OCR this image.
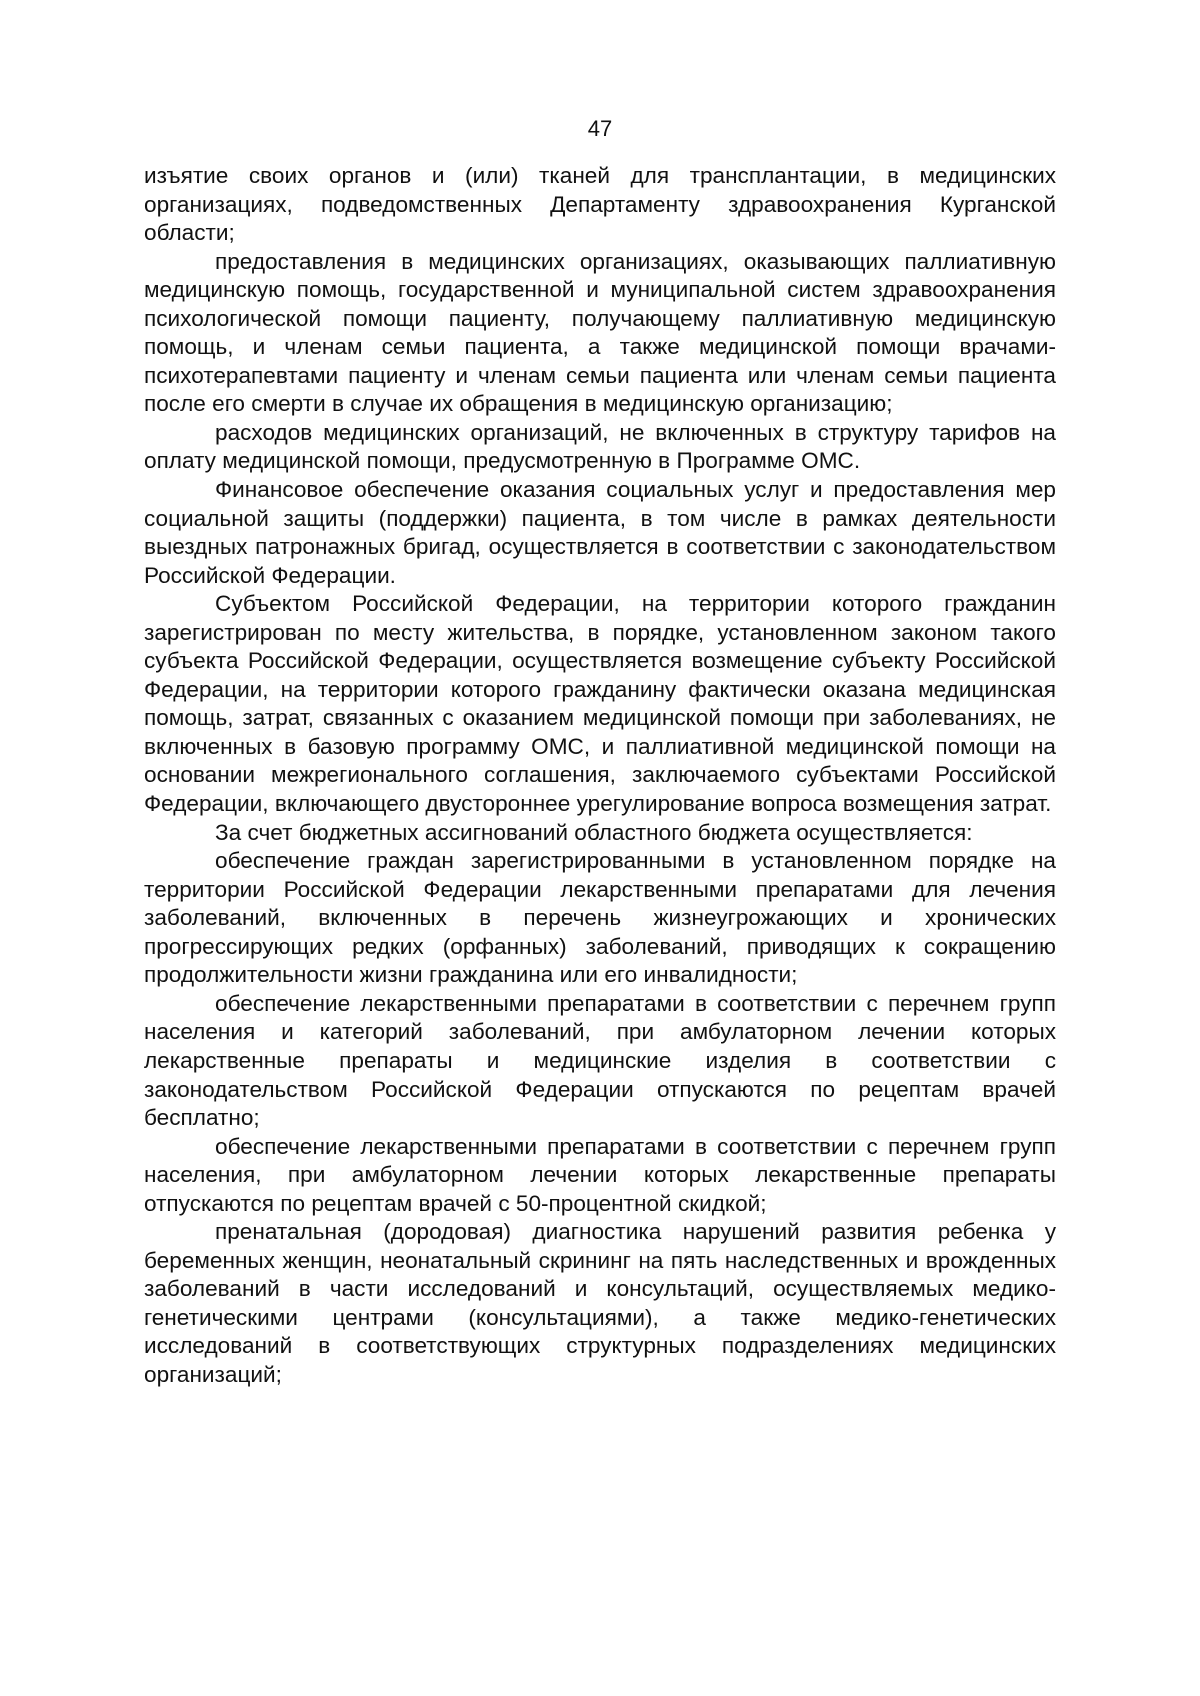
47

изъятие своих органов и (или) тканей для трансплантации, в медицинских организациях, подведомственных Департаменту здравоохранения Курганской области;

предоставления в медицинских организациях, оказывающих паллиативную медицинскую помощь, государственной и муниципальной систем здравоохранения психологической помощи пациенту, получающему паллиативную медицинскую помощь, и членам семьи пациента, а также медицинской помощи врачами-психотерапевтами пациенту и членам семьи пациента или членам семьи пациента после его смерти в случае их обращения в медицинскую организацию;

расходов медицинских организаций, не включенных в структуру тарифов на оплату медицинской помощи, предусмотренную в Программе ОМС.

Финансовое обеспечение оказания социальных услуг и предоставления мер социальной защиты (поддержки) пациента, в том числе в рамках деятельности выездных патронажных бригад, осуществляется в соответствии с законодательством Российской Федерации.

Субъектом Российской Федерации, на территории которого гражданин зарегистрирован по месту жительства, в порядке, установленном законом такого субъекта Российской Федерации, осуществляется возмещение субъекту Российской Федерации, на территории которого гражданину фактически оказана медицинская помощь, затрат, связанных с оказанием медицинской помощи при заболеваниях, не включенных в базовую программу ОМС, и паллиативной медицинской помощи на основании межрегионального соглашения, заключаемого субъектами Российской Федерации, включающего двустороннее урегулирование вопроса возмещения затрат.

За счет бюджетных ассигнований областного бюджета осуществляется:

обеспечение граждан зарегистрированными в установленном порядке на территории Российской Федерации лекарственными препаратами для лечения заболеваний, включенных в перечень жизнеугрожающих и хронических прогрессирующих редких (орфанных) заболеваний, приводящих к сокращению продолжительности жизни гражданина или его инвалидности;

обеспечение лекарственными препаратами в соответствии с перечнем групп населения и категорий заболеваний, при амбулаторном лечении которых лекарственные препараты и медицинские изделия в соответствии с законодательством Российской Федерации отпускаются по рецептам врачей бесплатно;

обеспечение лекарственными препаратами в соответствии с перечнем групп населения, при амбулаторном лечении которых лекарственные препараты отпускаются по рецептам врачей с 50-процентной скидкой;

пренатальная (дородовая) диагностика нарушений развития ребенка у беременных женщин, неонатальный скрининг на пять наследственных и врожденных заболеваний в части исследований и консультаций, осуществляемых медико-генетическими центрами (консультациями), а также медико-генетических исследований в соответствующих структурных подразделениях медицинских организаций;
